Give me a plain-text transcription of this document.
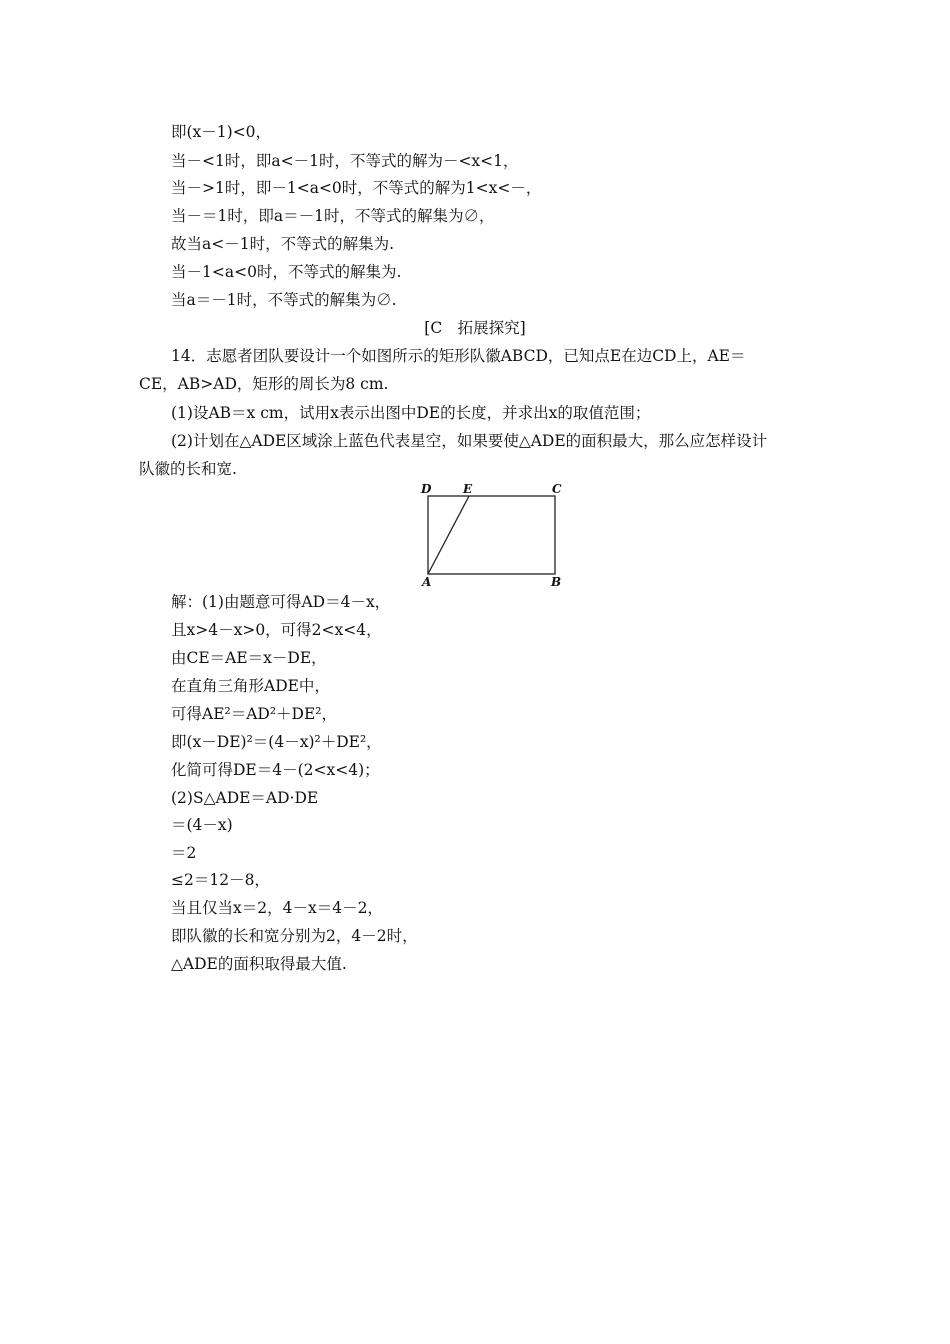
即(x－1)<0，
当－<1时，即a<－1时，不等式的解为－<x<1，
当－>1时，即－1<a<0时，不等式的解为1<x<－，
当－＝1时，即a＝－1时，不等式的解集为∅，
故当a<－1时，不等式的解集为.
当－1<a<0时，不等式的解集为.
当a＝－1时，不等式的解集为∅.
[C　拓展探究]
14．志愿者团队要设计一个如图所示的矩形队徽ABCD，已知点E在边CD上，AE＝
CE，AB>AD，矩形的周长为8 cm.
(1)设AB＝x cm，试用x表示出图中DE的长度，并求出x的取值范围；
(2)计划在△ADE区域涂上蓝色代表星空，如果要使△ADE的面积最大，那么应怎样设计
队徽的长和宽.
D	E	C
A	B
解：(1)由题意可得AD＝4－x，
且x>4－x>0，可得2<x<4，
由CE＝AE＝x－DE，
在直角三角形ADE中，
可得AE²＝AD²＋DE²，
即(x－DE)²＝(4－x)²＋DE²，
化简可得DE＝4－(2<x<4)；
(2)S△ADE＝AD·DE
＝(4－x)
＝2
≤2＝12－8，
当且仅当x＝2，4－x＝4－2，
即队徽的长和宽分别为2，4－2时，
△ADE的面积取得最大值.
